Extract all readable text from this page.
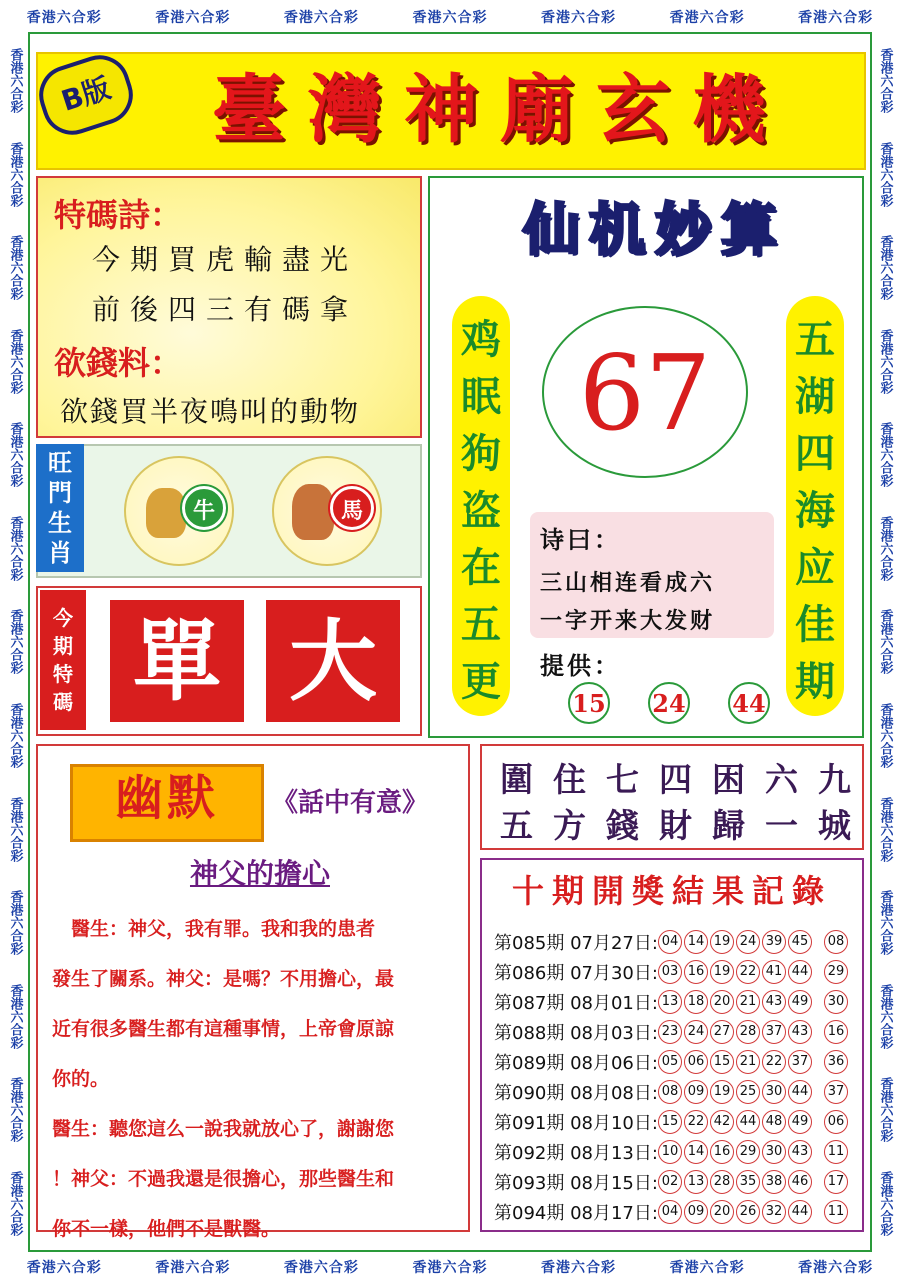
香港六合彩	香港六合彩	香港六合彩	香港六合彩	香港六合彩	香港六合彩	香港六合彩
香港六合彩	香港六合彩	香港六合彩	香港六合彩	香港六合彩	香港六合彩	香港六合彩
香港六合彩
香港六合彩
香港六合彩
香港六合彩
香港六合彩
香港六合彩
香港六合彩
香港六合彩
香港六合彩
香港六合彩
香港六合彩
香港六合彩
香港六合彩
香港六合彩
香港六合彩
香港六合彩
香港六合彩
香港六合彩
香港六合彩
香港六合彩
香港六合彩
香港六合彩
香港六合彩
香港六合彩
香港六合彩
香港六合彩
B版	臺灣神廟玄機
特碼詩：
今期買虎輸盡光
前後四三有碼拿
欲錢料：
欲錢買半夜鳴叫的動物
旺
門
生
肖
牛	馬
今
期
特
碼 單 大
仙机妙算
鸡
眠
狗
盗
在
五
更
五
湖
四
海
应
佳
期
67
诗曰：
三山相连看成六
一字开来大发财
提供：
15 24 44
幽默	《話中有意》
神父的擔心
　醫生：神父，我有罪。我和我的患者
發生了關系。神父：是嗎？不用擔心，最
近有很多醫生都有這種事情，上帝會原諒
你的。
醫生：聽您這么一說我就放心了，謝謝您
！神父：不過我還是很擔心，那些醫生和
你不一樣，他們不是獸醫。
圍住七四困六九
五方錢財歸一城
十期開獎結果記錄
第085期 07月27日: 04 14 19 24 39 45 08
第086期 07月30日: 03 16 19 22 41 44 29
第087期 08月01日: 13 18 20 21 43 49 30
第088期 08月03日: 23 24 27 28 37 43 16
第089期 08月06日: 05 06 15 21 22 37 36
第090期 08月08日: 08 09 19 25 30 44 37
第091期 08月10日: 15 22 42 44 48 49 06
第092期 08月13日: 10 14 16 29 30 43 11
第093期 08月15日: 02 13 28 35 38 46 17
第094期 08月17日: 04 09 20 26 32 44 11
